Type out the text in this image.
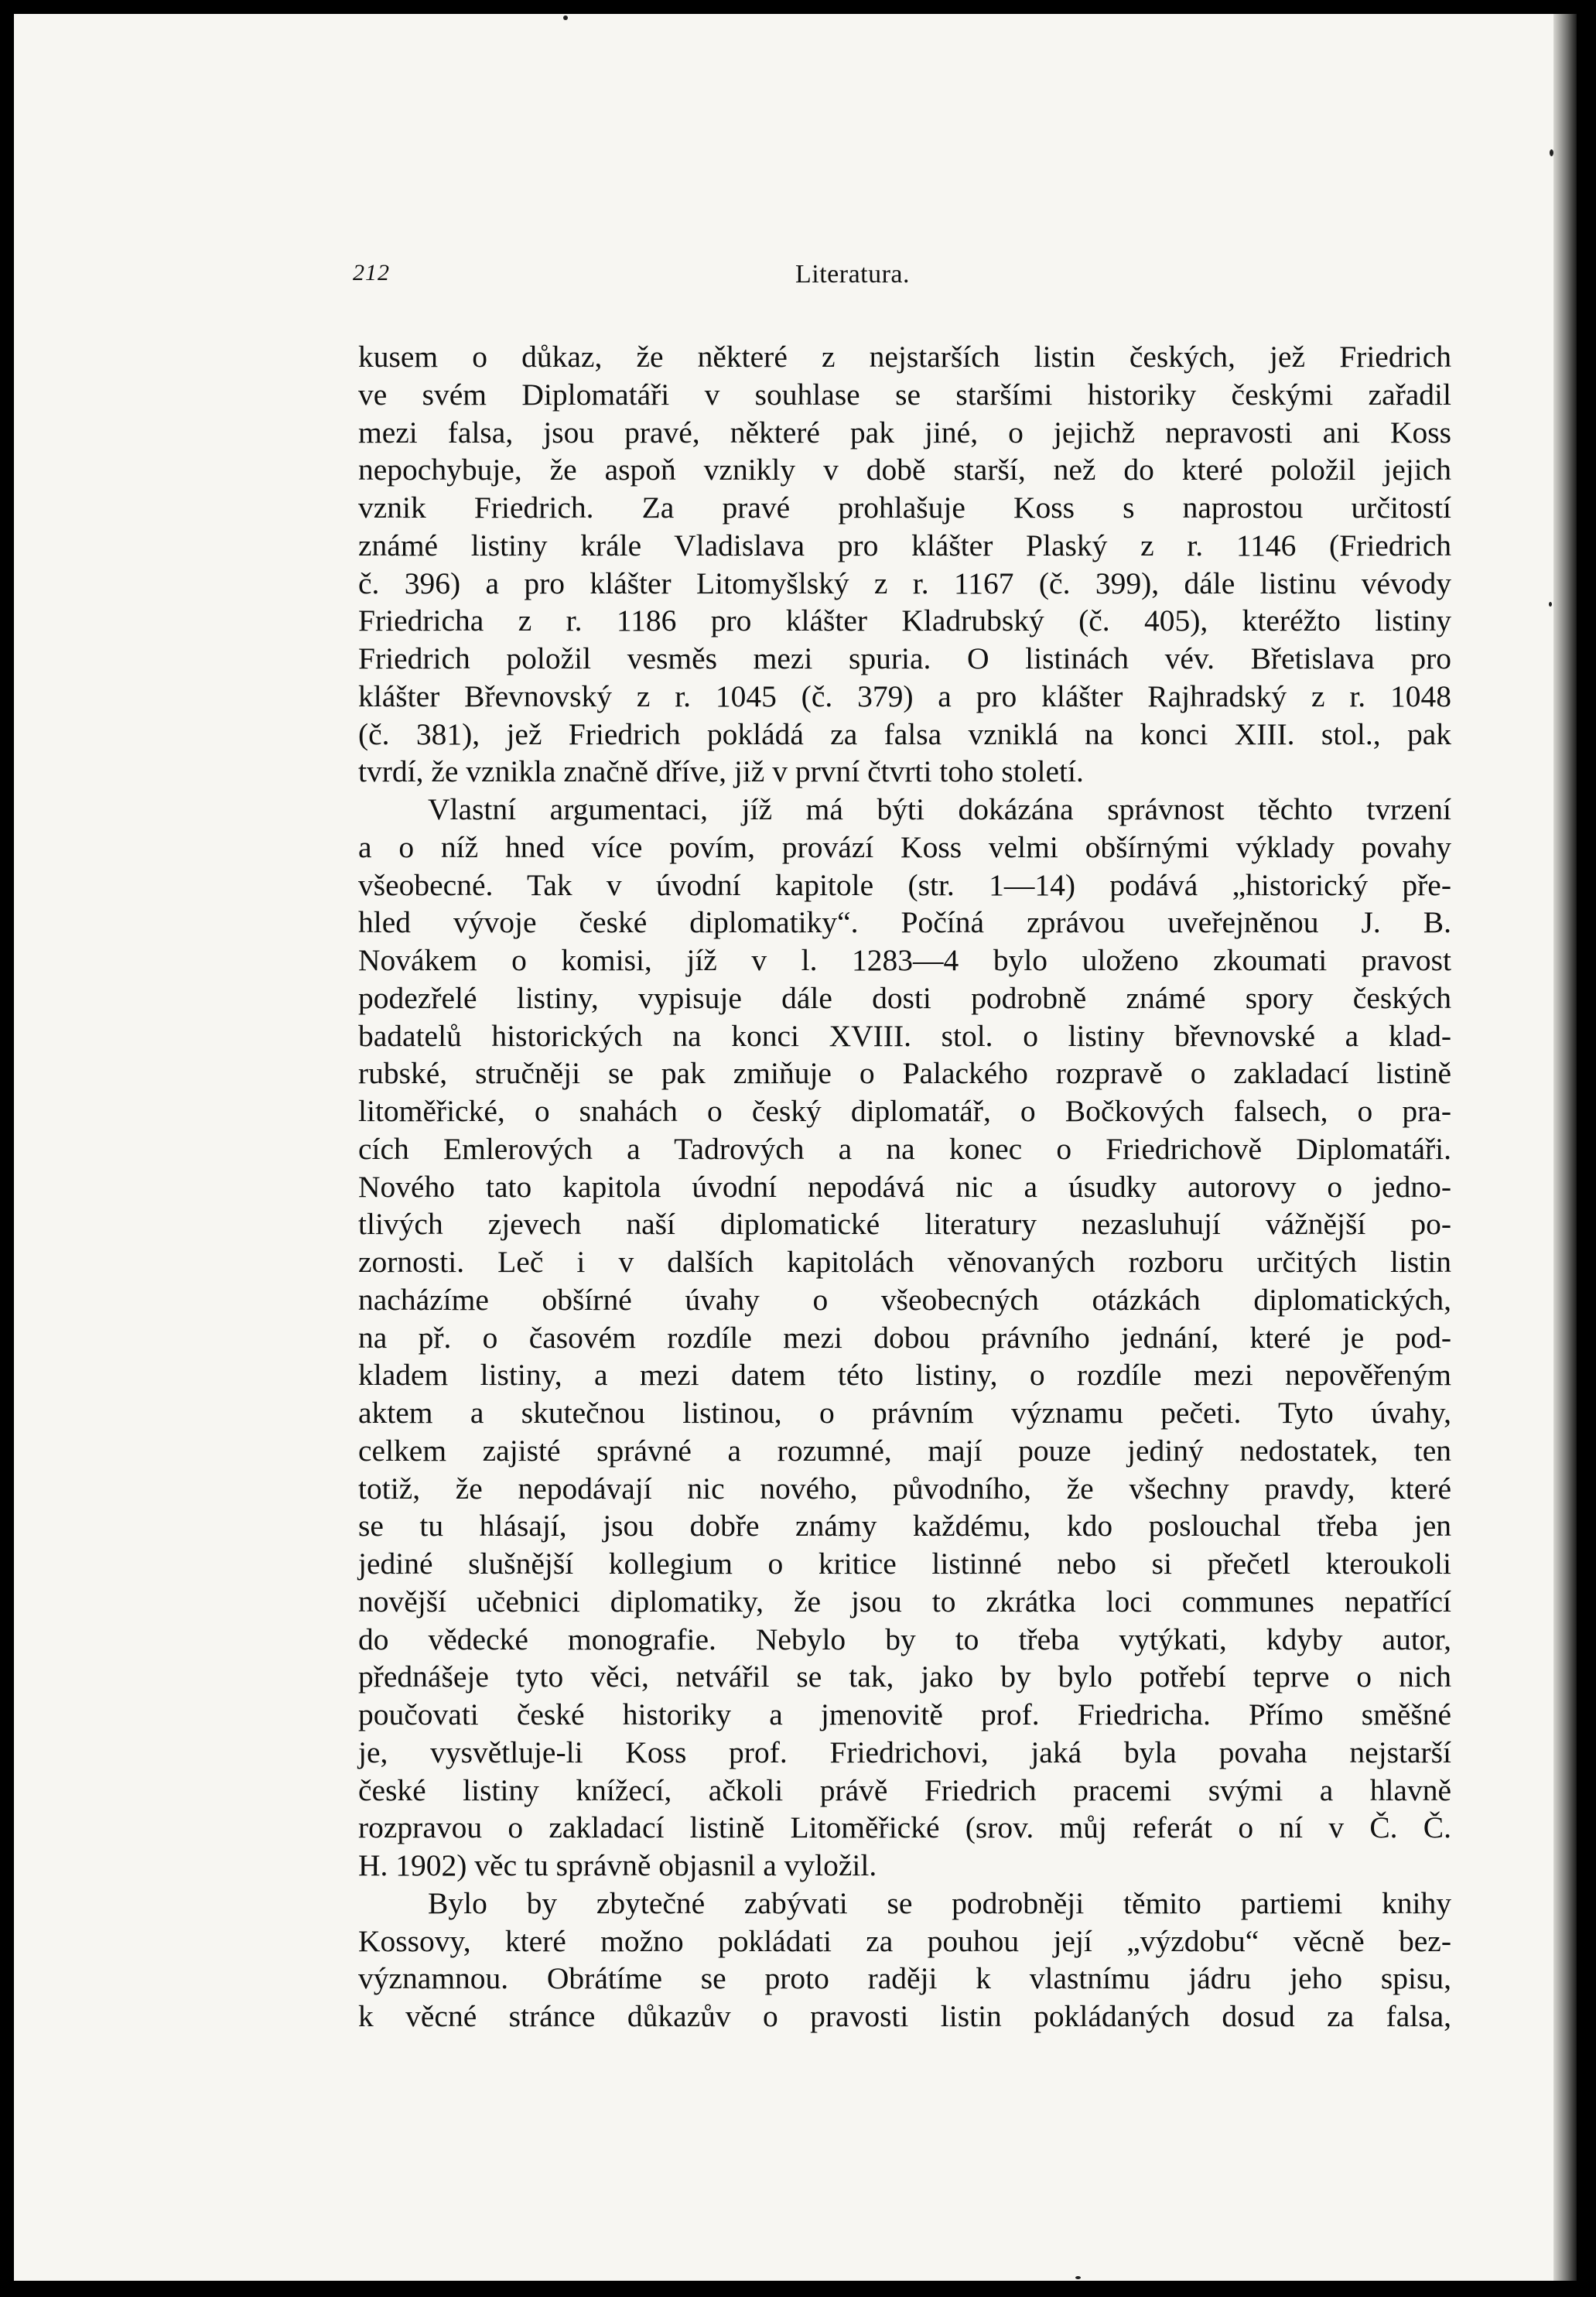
212	Literatura.
kusem o důkaz, že některé z nejstarších listin českých, jež Friedrich
ve svém Diplomatáři v souhlase se staršími historiky českými zařadil
mezi falsa, jsou pravé, některé pak jiné, o jejichž nepravosti ani Koss
nepochybuje, že aspoň vznikly v době starší, než do které položil jejich
vznik Friedrich. Za pravé prohlašuje Koss s naprostou určitostí
známé listiny krále Vladislava pro klášter Plaský z r. 1146 (Friedrich
č. 396) a pro klášter Litomyšlský z r. 1167 (č. 399), dále listinu vévody
Friedricha z r. 1186 pro klášter Kladrubský (č. 405), kteréžto listiny
Friedrich položil vesměs mezi spuria. O listinách vév. Břetislava pro
klášter Břevnovský z r. 1045 (č. 379) a pro klášter Rajhradský z r. 1048
(č. 381), jež Friedrich pokládá za falsa vzniklá na konci XIII. stol., pak
tvrdí, že vznikla značně dříve, již v první čtvrti toho století.
Vlastní argumentaci, jíž má býti dokázána správnost těchto tvrzení
a o níž hned více povím, provází Koss velmi obšírnými výklady povahy
všeobecné. Tak v úvodní kapitole (str. 1—14) podává „historický pře-
hled vývoje české diplomatiky“. Počíná zprávou uveřejněnou J. B.
Novákem o komisi, jíž v l. 1283—4 bylo uloženo zkoumati pravost
podezřelé listiny, vypisuje dále dosti podrobně známé spory českých
badatelů historických na konci XVIII. stol. o listiny břevnovské a klad-
rubské, stručněji se pak zmiňuje o Palackého rozpravě o zakladací listině
litoměřické, o snahách o český diplomatář, o Bočkových falsech, o pra-
cích Emlerových a Tadrových a na konec o Friedrichově Diplomatáři.
Nového tato kapitola úvodní nepodává nic a úsudky autorovy o jedno-
tlivých zjevech naší diplomatické literatury nezasluhují vážnější po-
zornosti. Leč i v dalších kapitolách věnovaných rozboru určitých listin
nacházíme obšírné úvahy o všeobecných otázkách diplomatických,
na př. o časovém rozdíle mezi dobou právního jednání, které je pod-
kladem listiny, a mezi datem této listiny, o rozdíle mezi nepověřeným
aktem a skutečnou listinou, o právním významu pečeti. Tyto úvahy,
celkem zajisté správné a rozumné, mají pouze jediný nedostatek, ten
totiž, že nepodávají nic nového, původního, že všechny pravdy, které
se tu hlásají, jsou dobře známy každému, kdo poslouchal třeba jen
jediné slušnější kollegium o kritice listinné nebo si přečetl kteroukoli
novější učebnici diplomatiky, že jsou to zkrátka loci communes nepatřící
do vědecké monografie. Nebylo by to třeba vytýkati, kdyby autor,
přednášeje tyto věci, netvářil se tak, jako by bylo potřebí teprve o nich
poučovati české historiky a jmenovitě prof. Friedricha. Přímo směšné
je, vysvětluje-li Koss prof. Friedrichovi, jaká byla povaha nejstarší
české listiny knížecí, ačkoli právě Friedrich pracemi svými a hlavně
rozpravou o zakladací listině Litoměřické (srov. můj referát o ní v Č. Č.
H. 1902) věc tu správně objasnil a vyložil.
Bylo by zbytečné zabývati se podrobněji těmito partiemi knihy
Kossovy, které možno pokládati za pouhou její „výzdobu“ věcně bez-
významnou. Obrátíme se proto raději k vlastnímu jádru jeho spisu,
k věcné stránce důkazův o pravosti listin pokládaných dosud za falsa,
